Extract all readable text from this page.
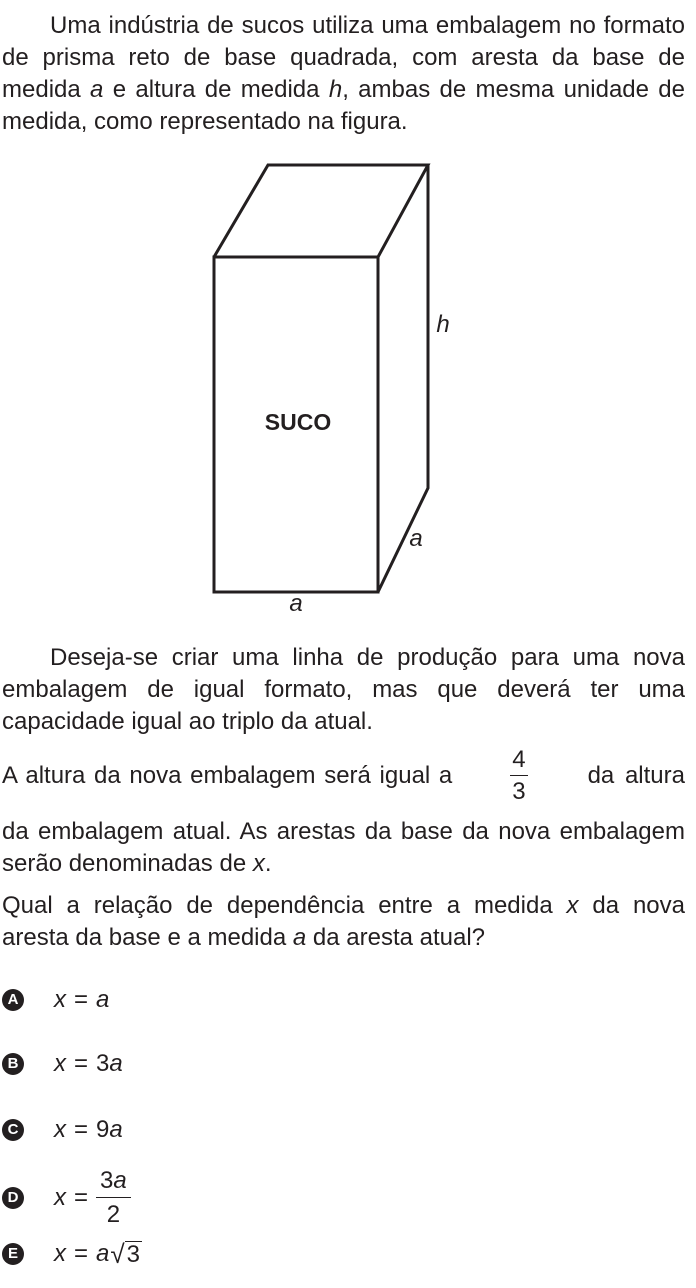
Uma indústria de sucos utiliza uma embalagem no formato de prisma reto de base quadrada, com aresta da base de medida a e altura de medida h, ambas de mesma unidade de medida, como representado na figura.

SUCO
h
a
a

Deseja-se criar uma linha de produção para uma nova embalagem de igual formato, mas que deverá ter uma capacidade igual ao triplo da atual.

A altura da nova embalagem será igual a $\frac{4}{3}$ da altura

da embalagem atual. As arestas da base da nova embalagem serão denominadas de x.

Qual a relação de dependência entre a medida x da nova aresta da base e a medida a da aresta atual?

A x = a
B x = 3 a
C x = 9 a
D $x = \frac{3a}{2}$
E x = a √ 3
